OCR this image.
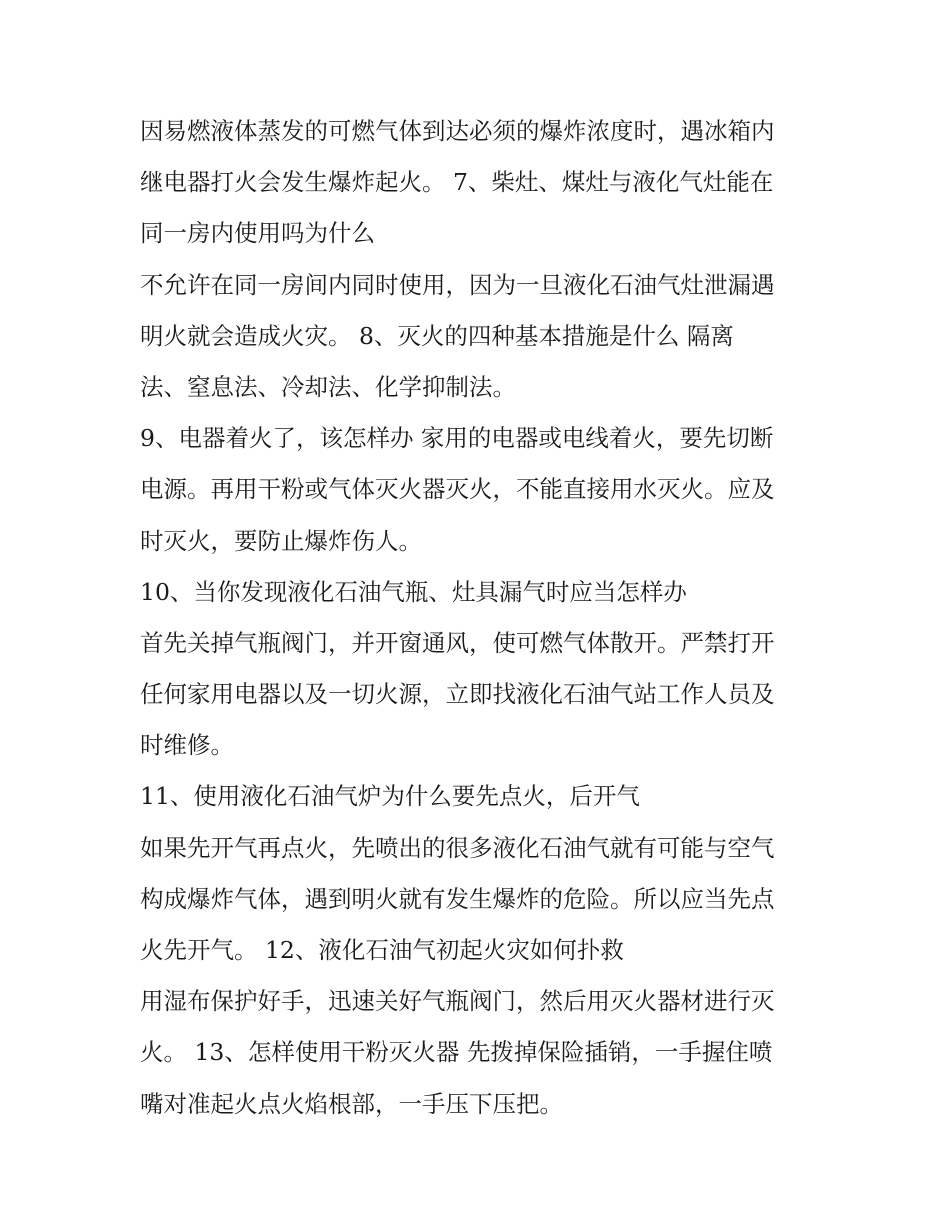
因易燃液体蒸发的可燃气体到达必须的爆炸浓度时，遇冰箱内
继电器打火会发生爆炸起火。 7、柴灶、煤灶与液化气灶能在
同一房内使用吗为什么
不允许在同一房间内同时使用，因为一旦液化石油气灶泄漏遇
明火就会造成火灾。 8、灭火的四种基本措施是什么 隔离
法、窒息法、冷却法、化学抑制法。
9、电器着火了，该怎样办 家用的电器或电线着火，要先切断
电源。再用干粉或气体灭火器灭火，不能直接用水灭火。应及
时灭火，要防止爆炸伤人。
10、当你发现液化石油气瓶、灶具漏气时应当怎样办
首先关掉气瓶阀门，并开窗通风，使可燃气体散开。严禁打开
任何家用电器以及一切火源，立即找液化石油气站工作人员及
时维修。
11、使用液化石油气炉为什么要先点火，后开气
如果先开气再点火，先喷出的很多液化石油气就有可能与空气
构成爆炸气体，遇到明火就有发生爆炸的危险。所以应当先点
火先开气。 12、液化石油气初起火灾如何扑救
用湿布保护好手，迅速关好气瓶阀门，然后用灭火器材进行灭
火。 13、怎样使用干粉灭火器 先拨掉保险插销，一手握住喷
嘴对准起火点火焰根部，一手压下压把。
